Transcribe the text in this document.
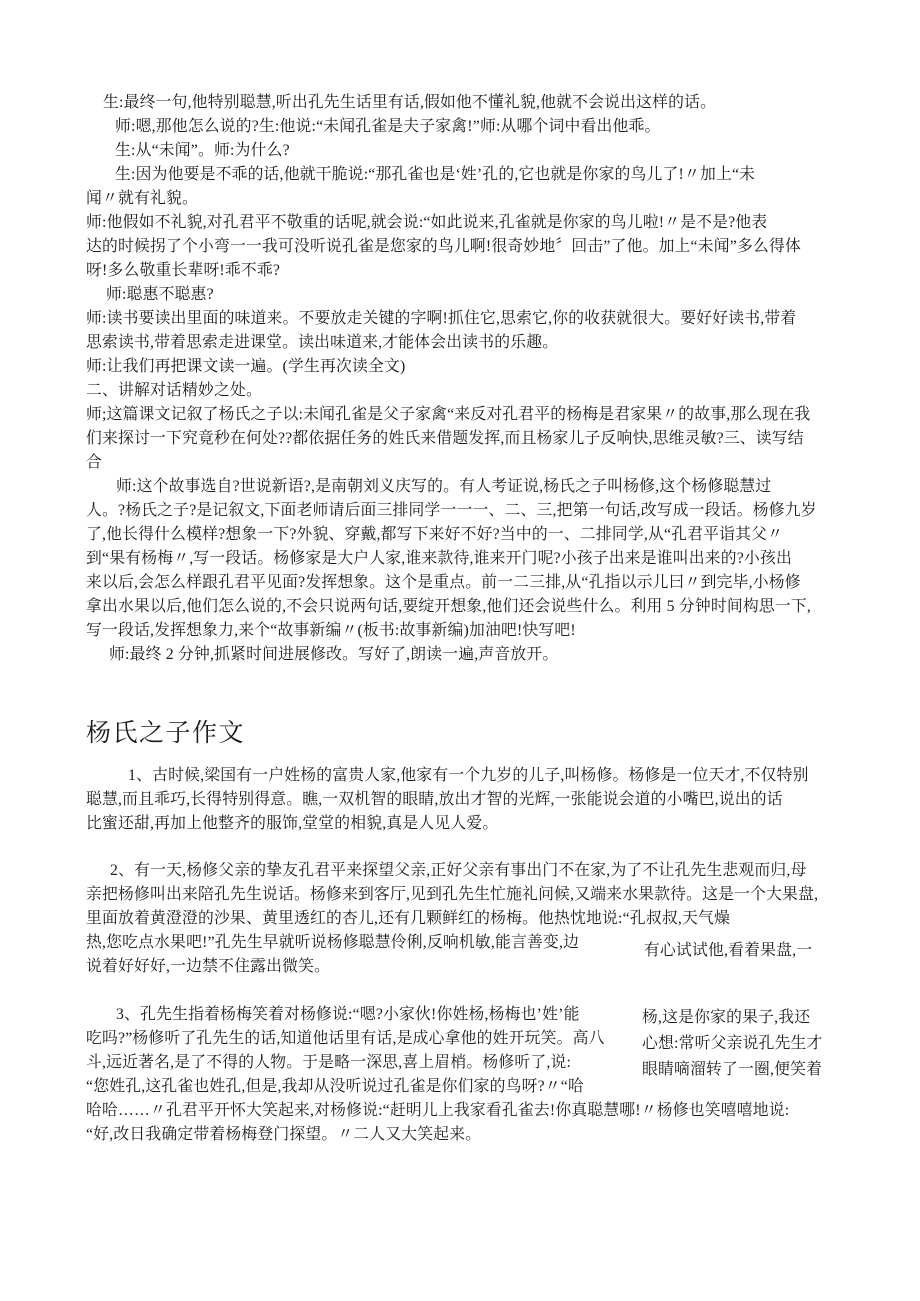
生:最终一句,他特别聪慧,听出孔先生话里有话,假如他不懂礼貌,他就不会说出这样的话。
师:嗯,那他怎么说的?生:他说:“未闻孔雀是夫子家禽!”师:从哪个词中看出他乖。
生:从“未闻”。师:为什么?
生:因为他要是不乖的话,他就干脆说:“那孔雀也是‘姓’孔的,它也就是你家的鸟儿了!〃加上“未
闻〃就有礼貌。
师:他假如不礼貌,对孔君平不敬重的话呢,就会说:“如此说来,孔雀就是你家的鸟儿啦!〃是不是?他表
达的时候拐了个小弯一一我可没听说孔雀是您家的鸟儿啊!很奇妙地〞回击”了他。加上“未闻”多么得体
呀!多么敬重长辈呀!乖不乖?
师:聪惠不聪惠?
师:读书要读出里面的味道来。不要放走关键的字啊!抓住它,思索它,你的收获就很大。要好好读书,带着
思索读书,带着思索走进课堂。读出味道来,才能体会出读书的乐趣。
师:让我们再把课文读一遍。(学生再次读全文)
二、讲解对话精妙之处。
师;这篇课文记叙了杨氏之子以:未闻孔雀是父子家禽“来反对孔君平的杨梅是君家果〃的故事,那么现在我
们来探讨一下究竟秒在何处??都依据任务的姓氏来借题发挥,而且杨家儿子反响快,思维灵敏?三、读写结
合
师:这个故事选自?世说新语?,是南朝刘义庆写的。有人考证说,杨氏之子叫杨修,这个杨修聪慧过
人。?杨氏之子?是记叙文,下面老师请后面三排同学一一一、二、三,把第一句话,改写成一段话。杨修九岁
了,他长得什么模样?想象一下?外貌、穿戴,都写下来好不好?当中的一、二排同学,从“孔君平诣其父〃
到“果有杨梅〃,写一段话。杨修家是大户人家,谁来款待,谁来开门呢?小孩子出来是谁叫出来的?小孩出
来以后,会怎么样跟孔君平见面?发挥想象。这个是重点。前一二三排,从“孔指以示儿曰〃到完毕,小杨修
拿出水果以后,他们怎么说的,不会只说两句话,要绽开想象,他们还会说些什么。利用 5 分钟时间构思一下,
写一段话,发挥想象力,来个“故事新编〃(板书:故事新编)加油吧!快写吧!
师:最终 2 分钟,抓紧时间进展修改。写好了,朗读一遍,声音放开。
杨氏之子作文
1、古时候,梁国有一户姓杨的富贵人家,他家有一个九岁的儿子,叫杨修。杨修是一位天才,不仅特别
聪慧,而且乖巧,长得特别得意。瞧,一双机智的眼睛,放出才智的光辉,一张能说会道的小嘴巴,说出的话
比蜜还甜,再加上他整齐的服饰,堂堂的相貌,真是人见人爱。
2、有一天,杨修父亲的挚友孔君平来探望父亲,正好父亲有事出门不在家,为了不让孔先生悲观而归,母
亲把杨修叫出来陪孔先生说话。杨修来到客厅,见到孔先生忙施礼问候,又端来水果款待。这是一个大果盘,
里面放着黄澄澄的沙果、黄里透红的杏儿,还有几颗鲜红的杨梅。他热忱地说:“孔叔叔,天气燥
热,您吃点水果吧!”孔先生早就听说杨修聪慧伶俐,反响机敏,能言善变,边
说着好好好,一边禁不住露出微笑。
有心试试他,看着果盘,一
3、孔先生指着杨梅笑着对杨修说:“嗯?小家伙!你姓杨,杨梅也’姓’能
吃吗?”杨修听了孔先生的话,知道他话里有话,是成心拿他的姓开玩笑。高八
斗,远近著名,是了不得的人物。于是略一深思,喜上眉梢。杨修听了,说:
“您姓孔,这孔雀也姓孔,但是,我却从没听说过孔雀是你们家的鸟呀?〃“哈
哈哈……〃孔君平开怀大笑起来,对杨修说:“赶明儿上我家看孔雀去!你真聪慧哪!〃杨修也笑嘻嘻地说:
“好,改日我确定带着杨梅登门探望。〃二人又大笑起来。
杨,这是你家的果子,我还
心想:常听父亲说孔先生才
眼睛嘀溜转了一圈,便笑着
